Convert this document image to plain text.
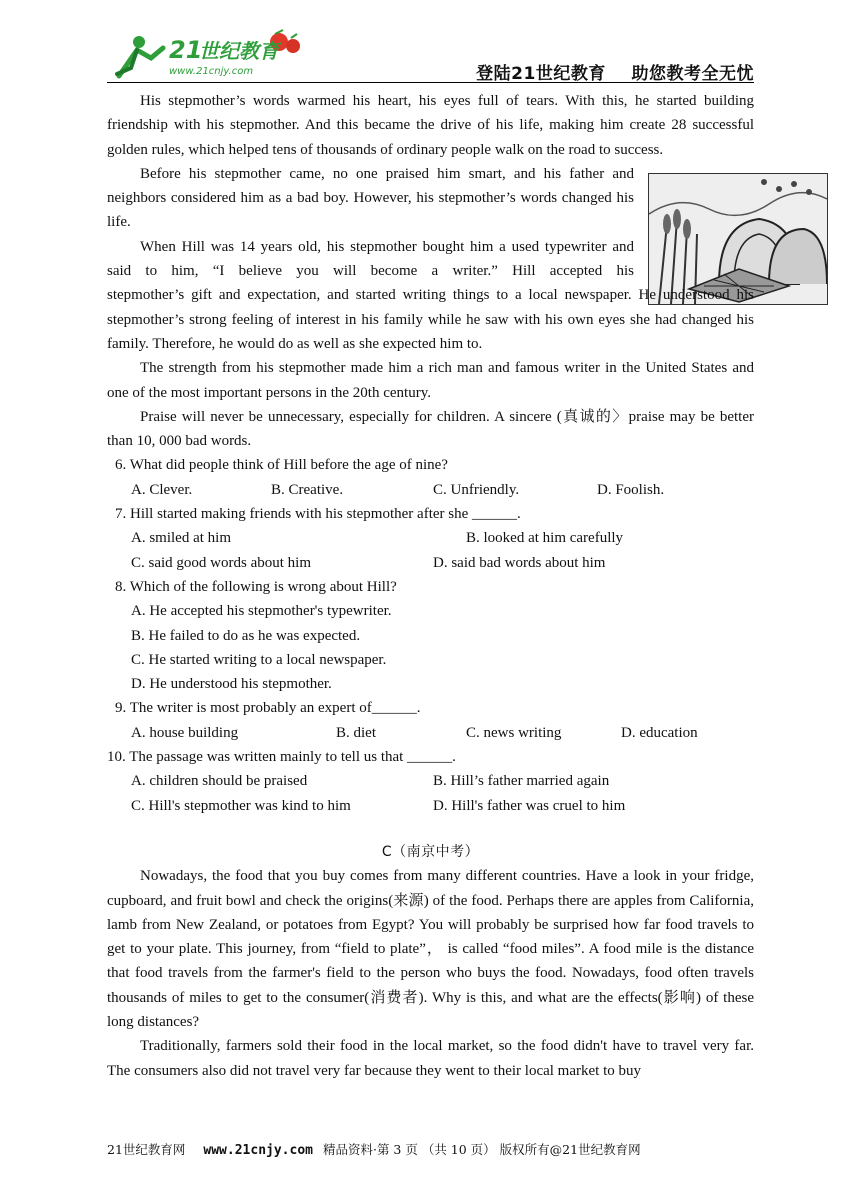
21
世纪教育
www.21cnjy.com	登陆21世纪教育    助您教考全无忧

His stepmother’s words warmed his heart, his eyes full of tears. With this, he started building friendship with his stepmother. And this became the drive of his life, making him create 28 successful golden rules, which helped tens of thousands of ordinary people walk on the road to success.

Before his stepmother came, no one praised him smart, and his father and neighbors considered him as a bad boy. However, his stepmother’s words changed his life.

When Hill was 14 years old, his stepmother bought him a used typewriter and said to him, “I believe you will become a writer.” Hill accepted his

stepmother’s gift and expectation, and started writing things to a local newspaper. He understood his stepmother’s strong feeling of interest in his family while he saw with his own eyes she had changed his family. Therefore, he would do as well as she expected him to.

The strength from his stepmother made him a rich man and famous writer in the United States and one of the most important persons in the 20th century.

Praise will never be unnecessary, especially for children. A sincere (真诚的〉praise may be better than 10, 000 bad words.

6. What did people think of Hill before the age of nine?
A. Clever.	B. Creative.	C. Unfriendly.	D. Foolish.
7. Hill started making friends with his stepmother after she ______.
A. smiled at him	B. looked at him carefully
C. said good words about him	D. said bad words about him
8. Which of the following is wrong about Hill?
A. He accepted his stepmother's typewriter.
B. He failed to do as he was expected.
C. He started writing to a local newspaper.
D. He understood his stepmother.
9. The writer is most probably an expert of______.
A. house building	B. diet	C. news writing	D. education
10. The passage was written mainly to tell us that ______.
A. children should be praised	B. Hill’s father married again
C. Hill's stepmother was kind to him	D. Hill's father was cruel to him
C（南京中考）

Nowadays, the food that you buy comes from many different countries. Have a look in your fridge, cupboard, and fruit bowl and check the origins(来源) of the food. Perhaps there are apples from California, lamb from New Zealand, or potatoes from Egypt? You will probably be surprised how far food travels to get to your plate. This journey, from “field to plate”， is called “food miles”. A food mile is the distance that food travels from the farmer's field to the person who buys the food. Nowadays, food often travels thousands of miles to get to the consumer(消费者). Why is this, and what are the effects(影响) of these long distances?

Traditionally, farmers sold their food in the local market, so the food didn't have to travel very far. The consumers also did not travel very far because they went to their local market to buy

21世纪教育网 www.21cnjy.com 精品资料·第 3 页 （共 10 页） 版权所有@21世纪教育网
